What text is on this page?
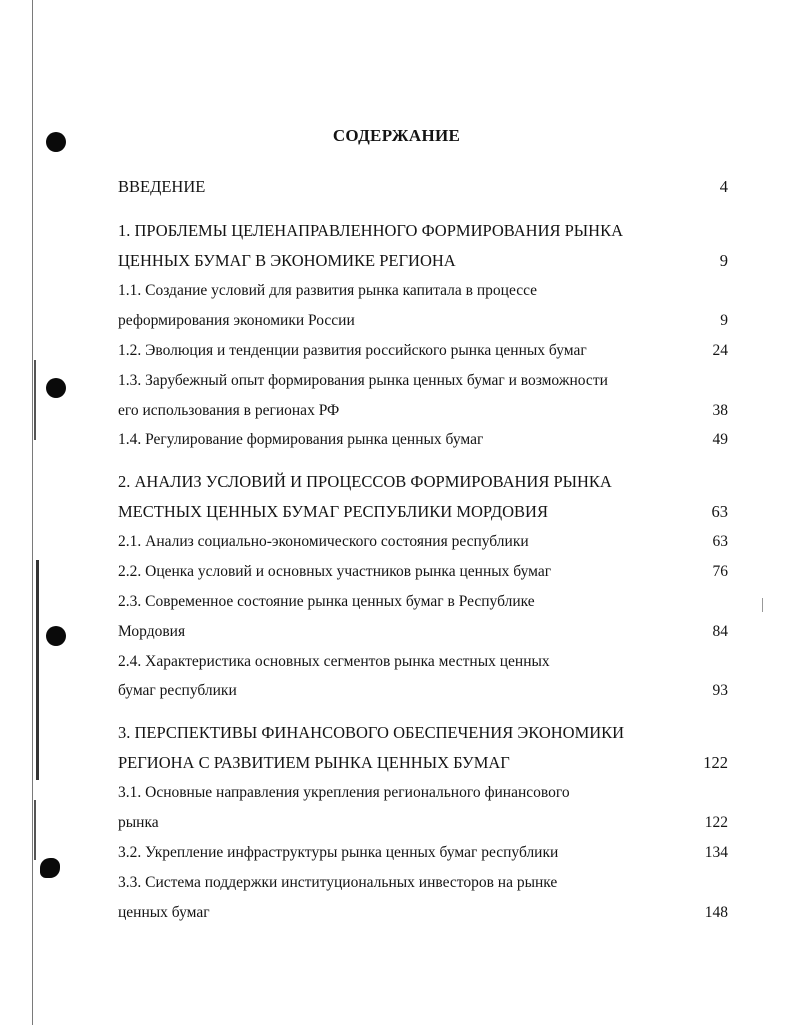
СОДЕРЖАНИЕ
ВВЕДЕНИЕ	4
1. ПРОБЛЕМЫ ЦЕЛЕНАПРАВЛЕННОГО ФОРМИРОВАНИЯ РЫНКА
ЦЕННЫХ БУМАГ В ЭКОНОМИКЕ РЕГИОНА	9
1.1. Создание условий для развития рынка капитала в процессе
реформирования экономики России	9
1.2. Эволюция и тенденции развития российского рынка ценных бумаг	24
1.3. Зарубежный опыт формирования рынка ценных бумаг и возможности
его использования в регионах РФ	38
1.4. Регулирование формирования рынка ценных бумаг	49
2. АНАЛИЗ УСЛОВИЙ И ПРОЦЕССОВ ФОРМИРОВАНИЯ РЫНКА
МЕСТНЫХ ЦЕННЫХ БУМАГ РЕСПУБЛИКИ МОРДОВИЯ	63
2.1. Анализ социально-экономического состояния республики	63
2.2. Оценка условий и основных участников рынка ценных бумаг	76
2.3. Современное состояние рынка ценных бумаг в Республике
Мордовия	84
2.4. Характеристика основных сегментов рынка местных ценных
бумаг республики	93
3. ПЕРСПЕКТИВЫ ФИНАНСОВОГО ОБЕСПЕЧЕНИЯ ЭКОНОМИКИ
РЕГИОНА С РАЗВИТИЕМ РЫНКА ЦЕННЫХ БУМАГ	122
3.1. Основные направления укрепления регионального финансового
рынка	122
3.2. Укрепление инфраструктуры рынка ценных бумаг республики	134
3.3. Система поддержки институциональных инвесторов на рынке
ценных бумаг	148
